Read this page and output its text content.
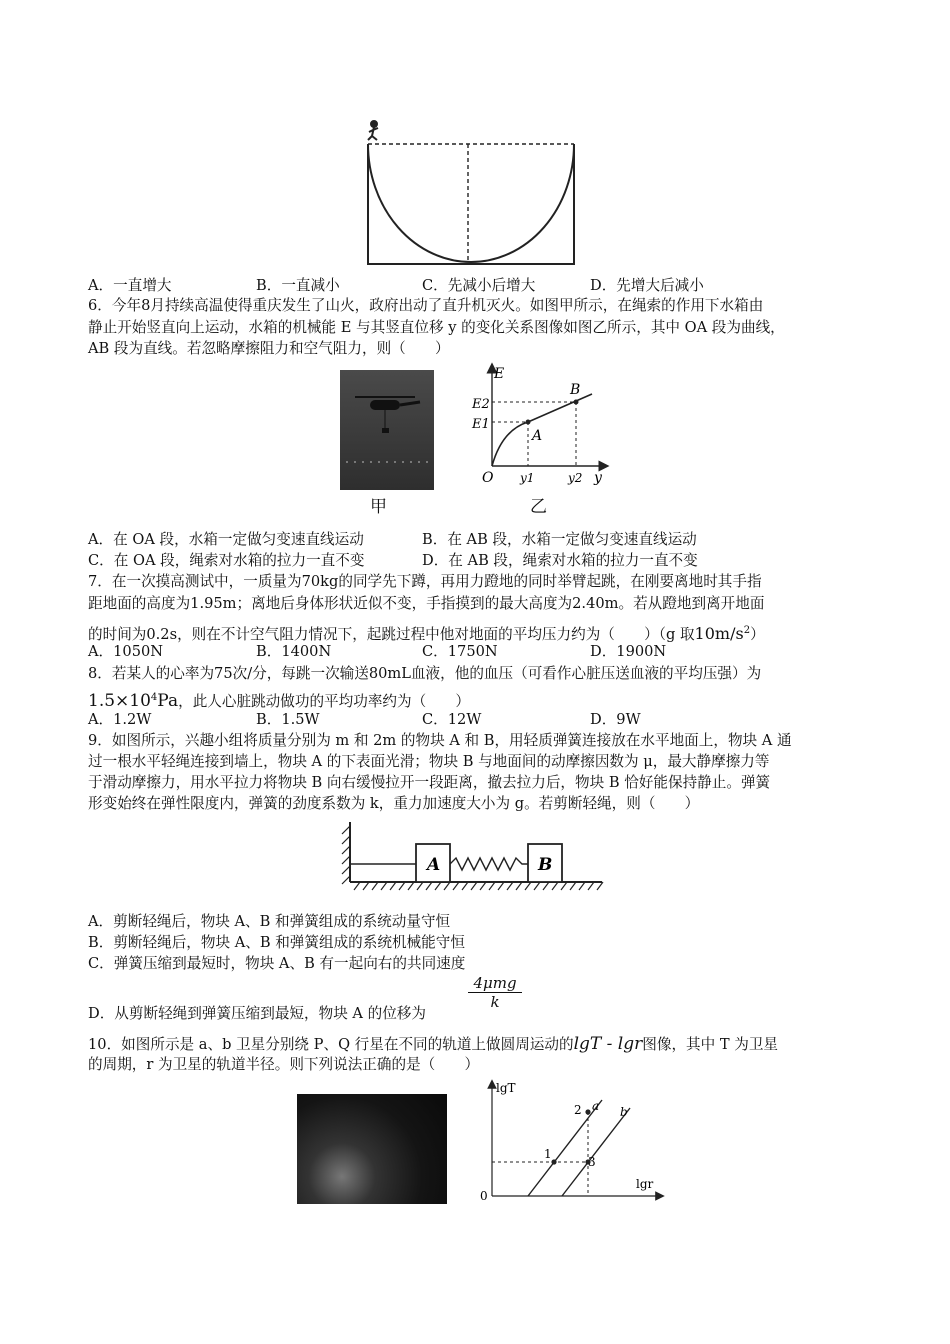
A．一直增大	B．一直减小	C．先减小后增大	D．先增大后减小
6．今年8月持续高温使得重庆发生了山火，政府出动了直升机灭火。如图甲所示，在绳索的作用下水箱由
静止开始竖直向上运动，水箱的机械能 E 与其竖直位移 y 的变化关系图像如图乙所示，其中 OA 段为曲线，
AB 段为直线。若忽略摩擦阻力和空气阻力，则（　　）
甲
E
E2
E1
O y1	y2 y
A
B
乙
A．在 OA 段，水箱一定做匀变速直线运动	B．在 AB 段，水箱一定做匀变速直线运动
C．在 OA 段，绳索对水箱的拉力一直不变	D．在 AB 段，绳索对水箱的拉力一直不变
7．在一次摸高测试中，一质量为70kg的同学先下蹲，再用力蹬地的同时举臂起跳，在刚要离地时其手指
距地面的高度为1.95m；离地后身体形状近似不变，手指摸到的最大高度为2.40m。若从蹬地到离开地面
的时间为0.2s，则在不计空气阻力情况下，起跳过程中他对地面的平均压力约为（　　）（g 取$10m/s^2$）
A．1050N	B．1400N	C．1750N	D．1900N
8．若某人的心率为75次/分，每跳一次输送80mL血液，他的血压（可看作心脏压送血液的平均压强）为
$1.5\times 10^4Pa$，此人心脏跳动做功的平均功率约为（　　）
A．1.2W	B．1.5W	C．12W	D．9W
9．如图所示，兴趣小组将质量分别为 m 和 2m 的物块 A 和 B，用轻质弹簧连接放在水平地面上，物块 A 通
过一根水平轻绳连接到墙上，物块 A 的下表面光滑；物块 B 与地面间的动摩擦因数为 μ，最大静摩擦力等
于滑动摩擦力，用水平拉力将物块 B 向右缓慢拉开一段距离，撤去拉力后，物块 B 恰好能保持静止。弹簧
形变始终在弹性限度内，弹簧的劲度系数为 k，重力加速度大小为 g。若剪断轻绳，则（　　）
A	B
A．剪断轻绳后，物块 A、B 和弹簧组成的系统动量守恒
B．剪断轻绳后，物块 A、B 和弹簧组成的系统机械能守恒
C．弹簧压缩到最短时，物块 A、B 有一起向右的共同速度
D．从剪断轻绳到弹簧压缩到最短，物块 A 的位移为
4μmg
k
10．如图所示是 a、b 卫星分别绕 P、Q 行星在不同的轨道上做圆周运动的lgT - lgr图像，其中 T 为卫星
的周期，r 为卫星的轨道半径。则下列说法正确的是（　　）
lgT
lgr
0
1
2
3
a b
